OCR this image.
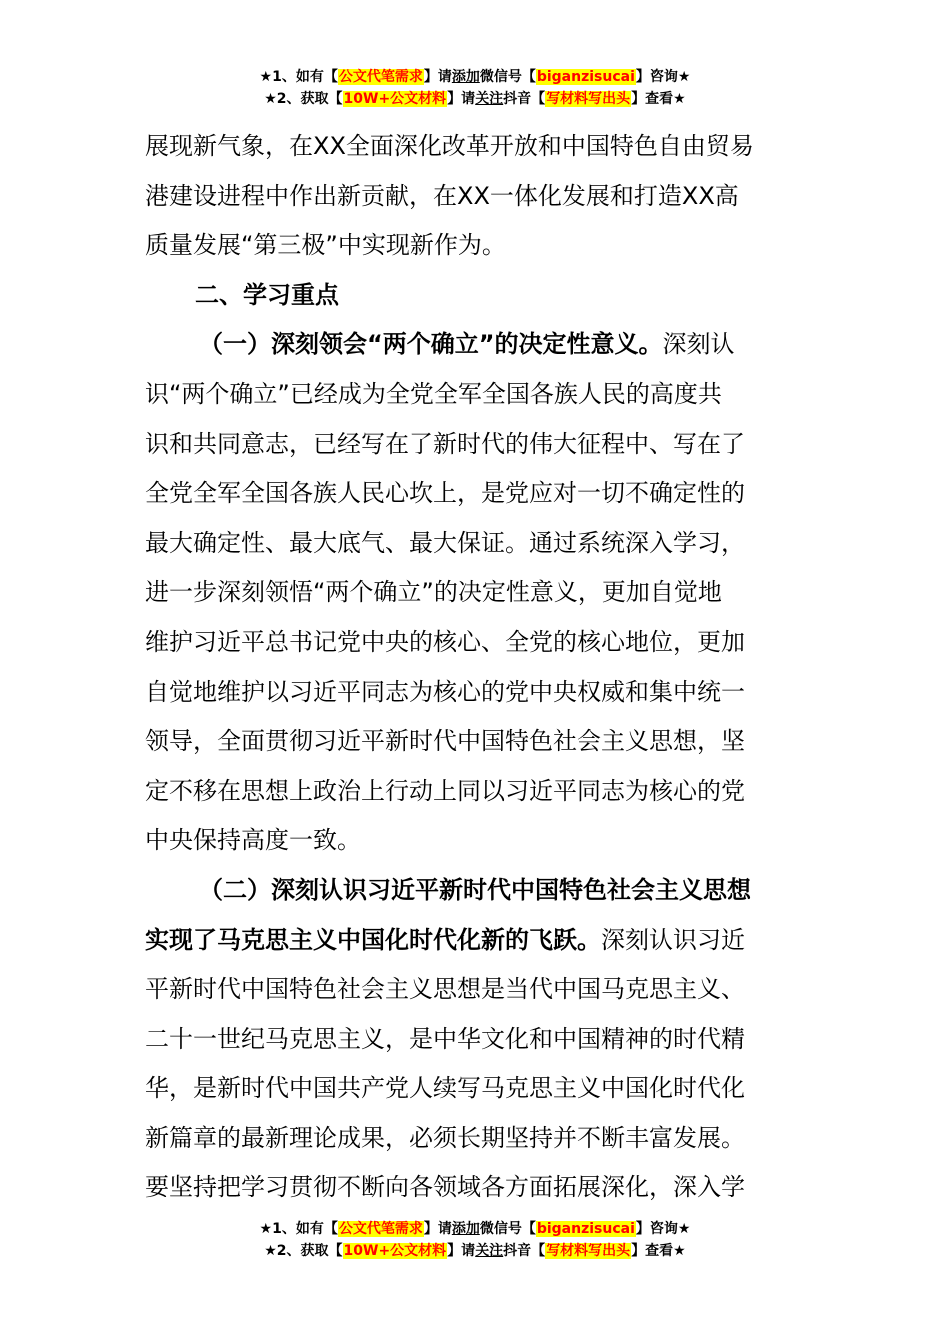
★1、如有【公文代笔需求】请添加微信号【biganzisucai】咨询★
★2、获取【10W+公文材料】请关注抖音【写材料写出头】查看★

展现新气象，在XX全面深化改革开放和中国特色自由贸易
港建设进程中作出新贡献，在XX一体化发展和打造XX高
质量发展“第三极”中实现新作为。

二、学习重点

（一）深刻领会“两个确立”的决定性意义。深刻认
识“两个确立”已经成为全党全军全国各族人民的高度共
识和共同意志，已经写在了新时代的伟大征程中、写在了
全党全军全国各族人民心坎上，是党应对一切不确定性的
最大确定性、最大底气、最大保证。通过系统深入学习，
进一步深刻领悟“两个确立”的决定性意义，更加自觉地
维护习近平总书记党中央的核心、全党的核心地位，更加
自觉地维护以习近平同志为核心的党中央权威和集中统一
领导，全面贯彻习近平新时代中国特色社会主义思想，坚
定不移在思想上政治上行动上同以习近平同志为核心的党
中央保持高度一致。

（二）深刻认识习近平新时代中国特色社会主义思想
实现了马克思主义中国化时代化新的飞跃。深刻认识习近
平新时代中国特色社会主义思想是当代中国马克思主义、
二十一世纪马克思主义，是中华文化和中国精神的时代精
华，是新时代中国共产党人续写马克思主义中国化时代化
新篇章的最新理论成果，必须长期坚持并不断丰富发展。
要坚持把学习贯彻不断向各领域各方面拓展深化，深入学

★1、如有【公文代笔需求】请添加微信号【biganzisucai】咨询★
★2、获取【10W+公文材料】请关注抖音【写材料写出头】查看★
